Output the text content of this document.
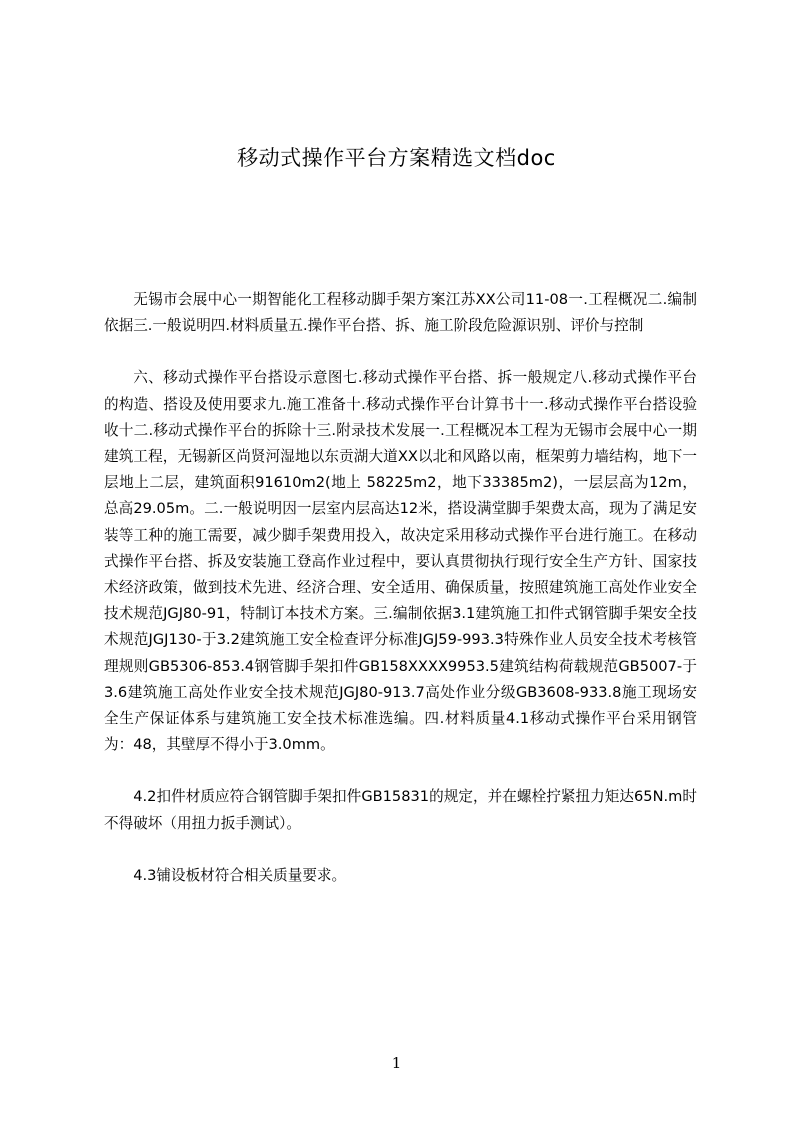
移动式操作平台方案精选文档doc

无锡市会展中心一期智能化工程移动脚手架方案江苏XX公司11-08一.工程概况二.编制依据三.一般说明四.材料质量五.操作平台搭、拆、施工阶段危险源识别、评价与控制

六、移动式操作平台搭设示意图七.移动式操作平台搭、拆一般规定八.移动式操作平台的构造、搭设及使用要求九.施工准备十.移动式操作平台计算书十一.移动式操作平台搭设验收十二.移动式操作平台的拆除十三.附录技术发展一.工程概况本工程为无锡市会展中心一期建筑工程，无锡新区尚贤河湿地以东贡湖大道XX以北和风路以南，框架剪力墙结构，地下一层地上二层，建筑面积91610m2(地上 58225m2，地下33385m2)，一层层高为12m，总高29.05m。二.一般说明因一层室内层高达12米，搭设满堂脚手架费太高，现为了满足安装等工种的施工需要，减少脚手架费用投入，故决定采用移动式操作平台进行施工。在移动式操作平台搭、拆及安装施工登高作业过程中，要认真贯彻执行现行安全生产方针、国家技术经济政策，做到技术先进、经济合理、安全适用、确保质量，按照建筑施工高处作业安全技术规范JGJ80-91，特制订本技术方案。三.编制依据3.1建筑施工扣件式钢管脚手架安全技术规范JGJ130-于3.2建筑施工安全检查评分标准JGJ59-993.3特殊作业人员安全技术考核管理规则GB5306-853.4钢管脚手架扣件GB158XXXX9953.5建筑结构荷载规范GB5007-于3.6建筑施工高处作业安全技术规范JGJ80-913.7高处作业分级GB3608-933.8施工现场安全生产保证体系与建筑施工安全技术标准选编。四.材料质量4.1移动式操作平台采用钢管为：48，其壁厚不得小于3.0mm。

4.2扣件材质应符合钢管脚手架扣件GB15831的规定，并在螺栓拧紧扭力矩达65N.m时不得破坏（用扭力扳手测试）。

4.3铺设板材符合相关质量要求。

1
